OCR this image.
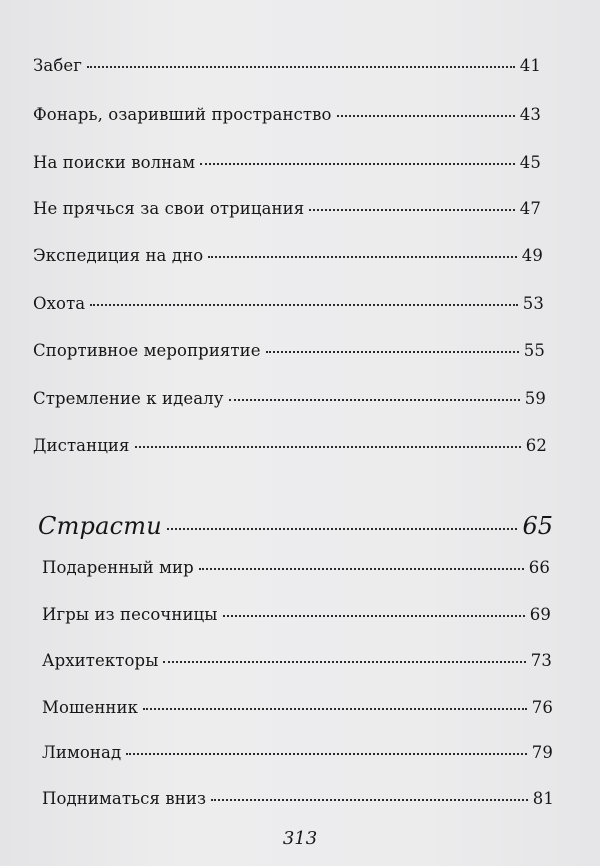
Забег	41
Фонарь, озаривший пространство	43
На поиски волнам	45
Не прячься за свои отрицания	47
Экспедиция на дно	49
Охота	53
Спортивное мероприятие	55
Стремление к идеалу	59
Дистанция	62
Страсти	65
Подаренный мир	66
Игры из песочницы	69
Архитекторы	73
Мошенник	76
Лимонад	79
Подниматься вниз	81
313
